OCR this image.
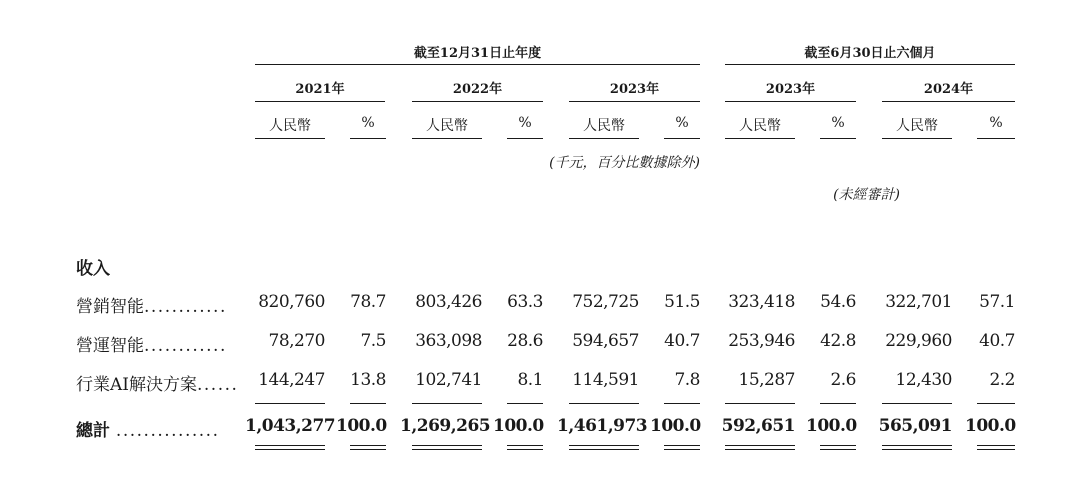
截至12月31日止年度	截至6月30日止六個月
2021年	2022年	2023年	2023年	2024年
人民幣	%	人民幣	%	人民幣	%	人民幣	%	人民幣	%
(千元，百分比數據除外)
(未經審計)
收入
營銷智能............ 820,760	78.7	803,426	63.3	752,725	51.5	323,418	54.6	322,701	57.1
營運智能............	78,270	7.5	363,098	28.6	594,657	40.7	253,946	42.8	229,960	40.7
行業AI解決方案...... 144,247	13.8	102,741	8.1	114,591	7.8	15,287	2.6	12,430	2.2
總計 ............... 1,043,277 100.0 1,269,265 100.0 1,461,973 100.0	592,651 100.0	565,091 100.0
